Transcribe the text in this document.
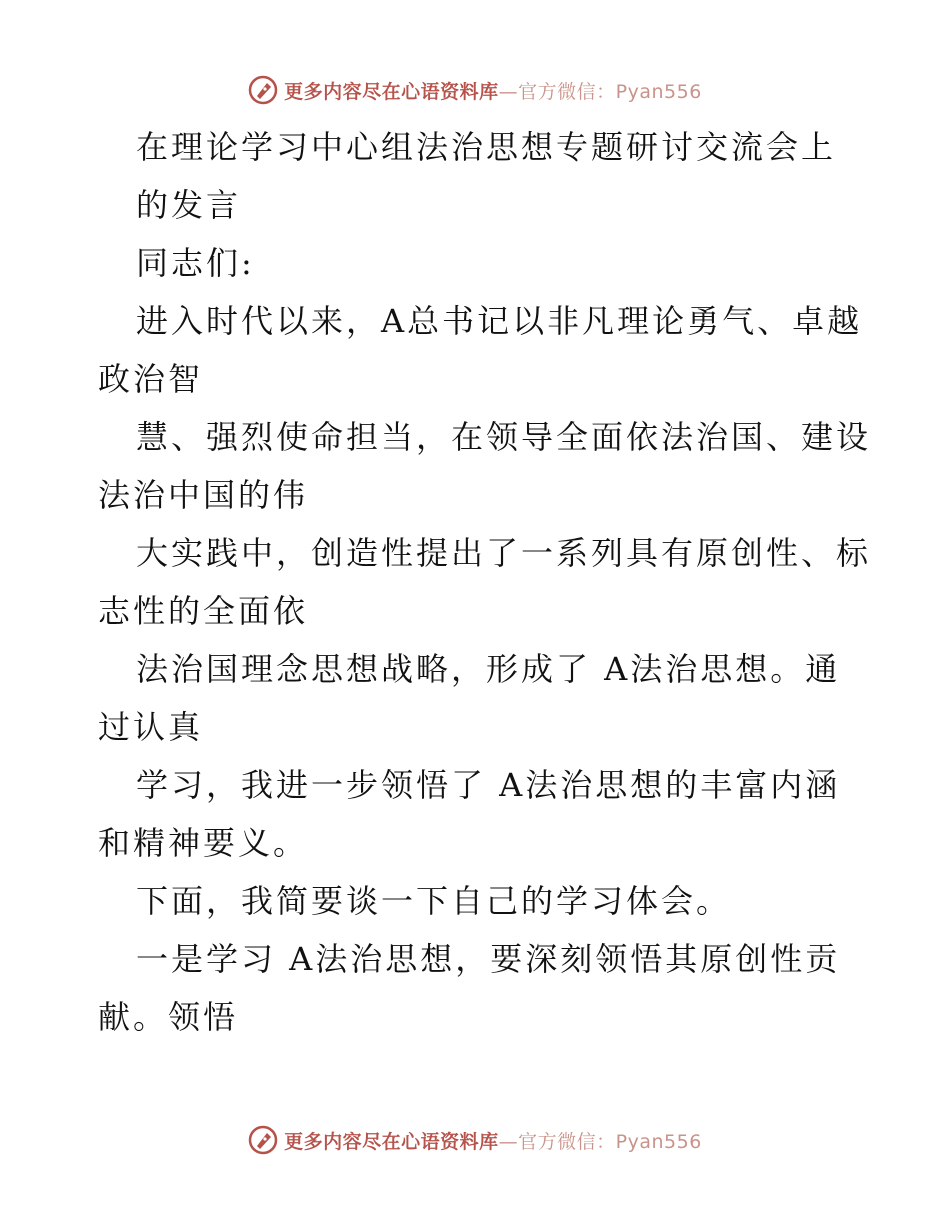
更多内容尽在心语资料库—官方微信：Pyan556
在理论学习中心组法治思想专题研讨交流会上
的发言
同志们:
进入时代以来，A总书记以非凡理论勇气、卓越
政治智
慧、强烈使命担当，在领导全面依法治国、建设
法治中国的伟
大实践中，创造性提出了一系列具有原创性、标
志性的全面依
法治国理念思想战略，形成了 A法治思想。通
过认真
学习，我进一步领悟了 A法治思想的丰富内涵
和精神要义。
下面，我简要谈一下自己的学习体会。
一是学习 A法治思想，要深刻领悟其原创性贡
献。领悟
更多内容尽在心语资料库—官方微信：Pyan556
